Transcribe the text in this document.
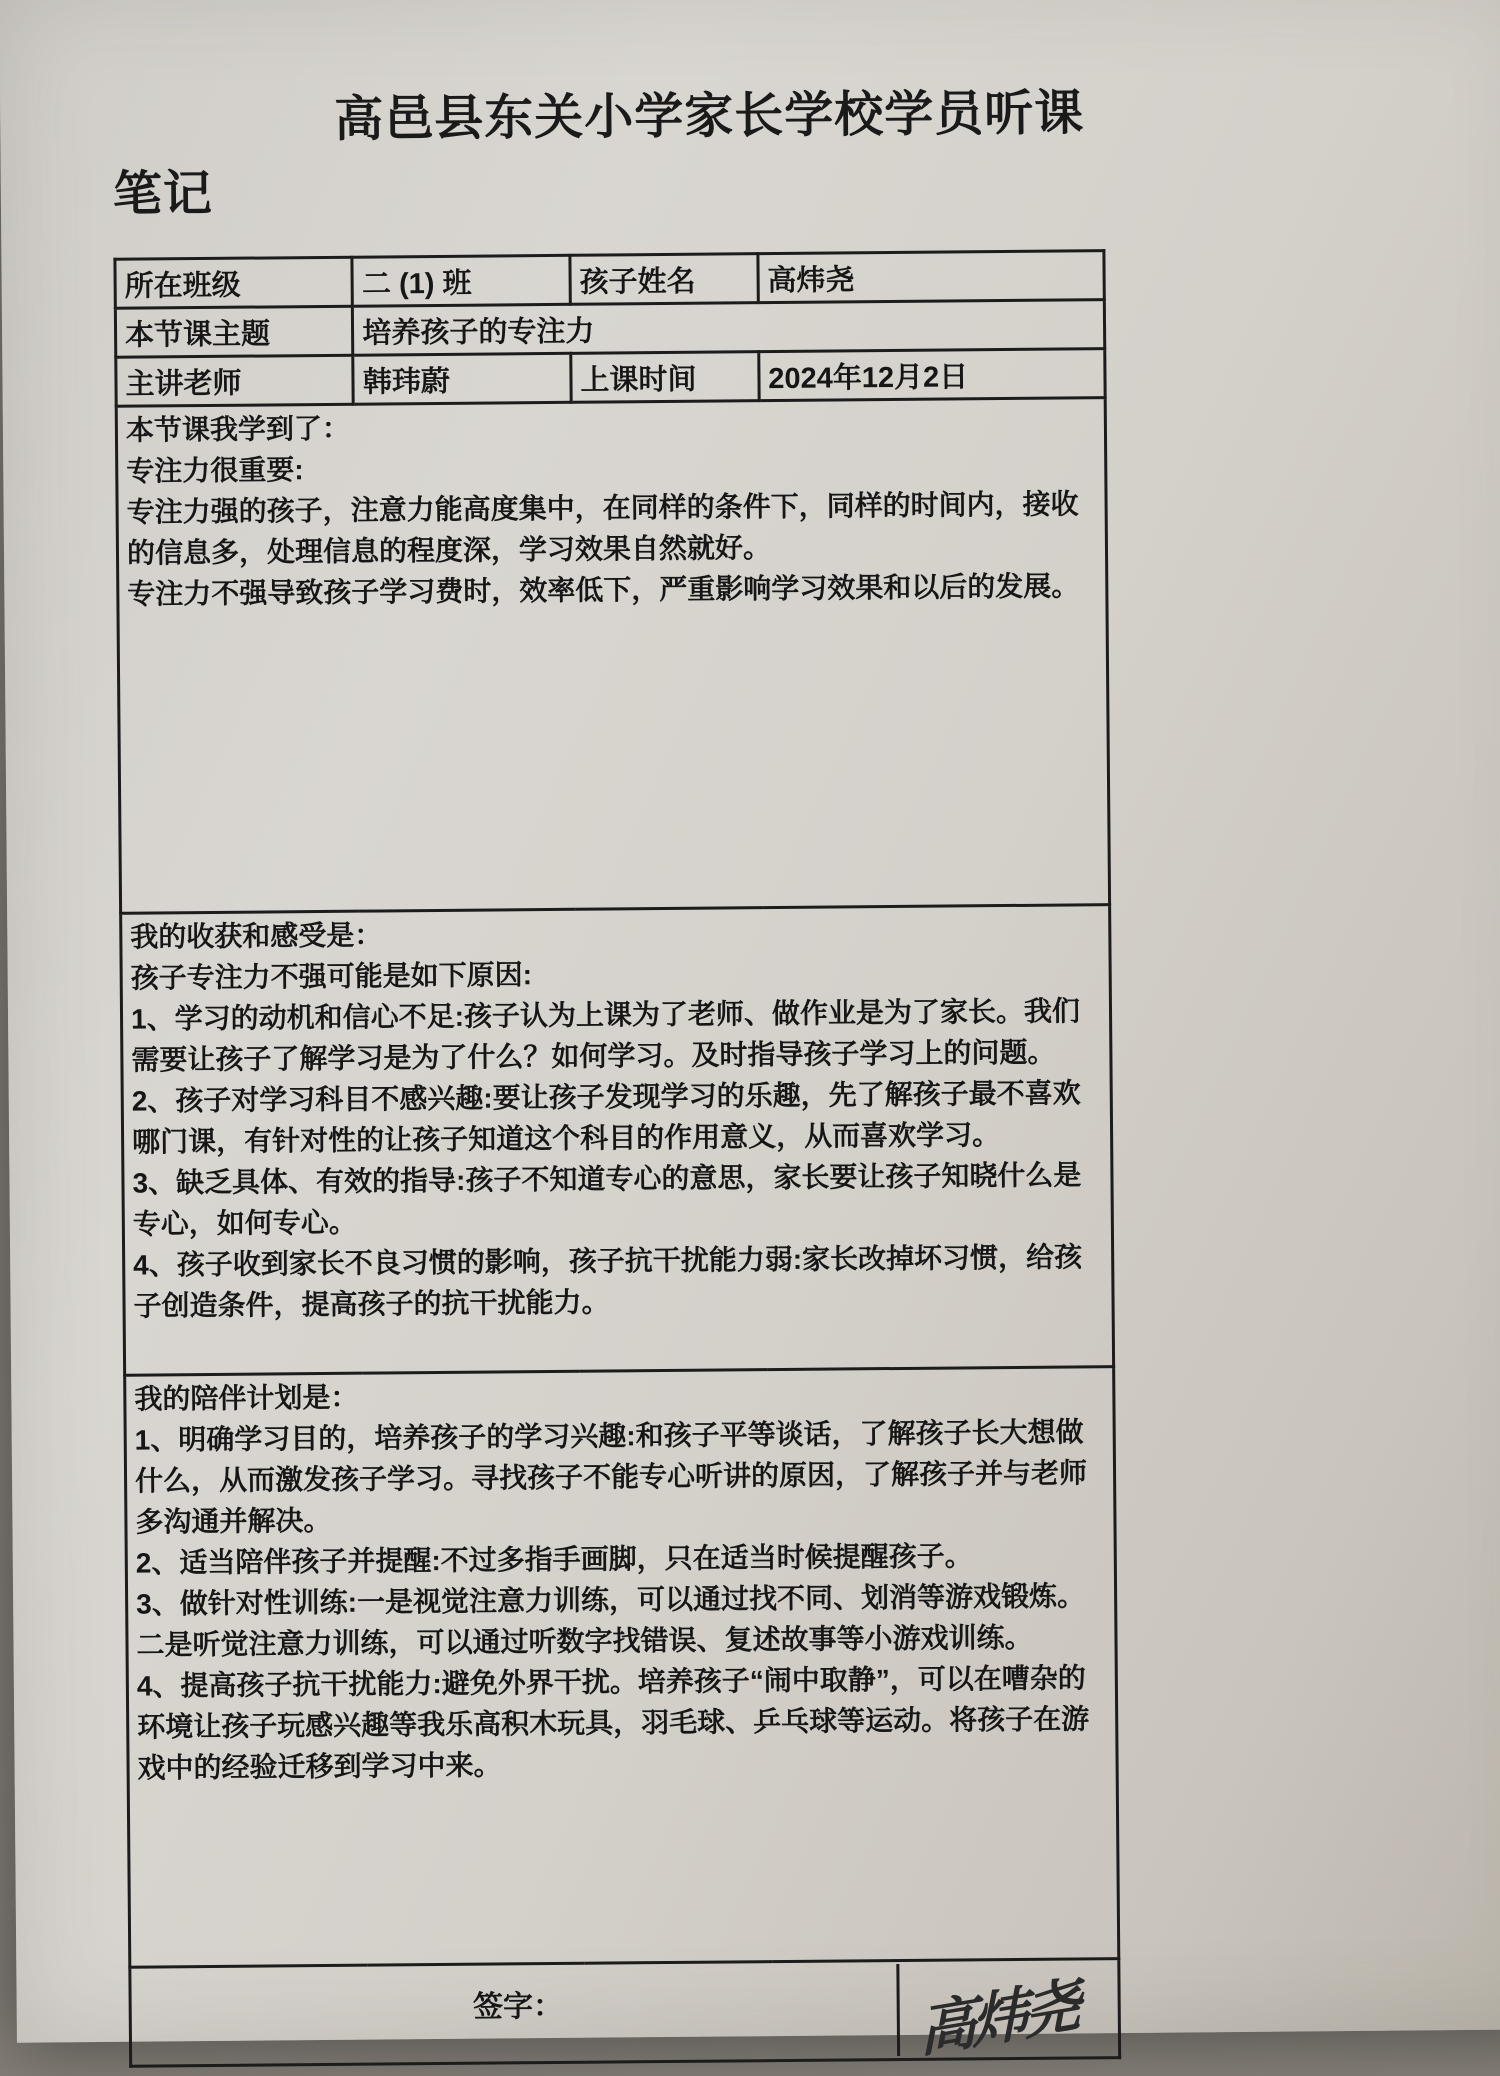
高邑县东关小学家长学校学员听课笔记
所在班级	二 (1) 班	孩子姓名	高炜尧
本节课主题	培养孩子的专注力		
主讲老师	韩玮蔚	上课时间	2024年12月2日

本节课我学到了：
专注力很重要:
专注力强的孩子，注意力能高度集中，在同样的条件下，同样的时间内，接收的信息多，处理信息的程度深，学习效果自然就好。
专注力不强导致孩子学习费时，效率低下，严重影响学习效果和以后的发展。			

我的收获和感受是：
孩子专注力不强可能是如下原因:
1、学习的动机和信心不足:孩子认为上课为了老师、做作业是为了家长。我们需要让孩子了解学习是为了什么？如何学习。及时指导孩子学习上的问题。
2、孩子对学习科目不感兴趣:要让孩子发现学习的乐趣，先了解孩子最不喜欢哪门课，有针对性的让孩子知道这个科目的作用意义，从而喜欢学习。
3、缺乏具体、有效的指导:孩子不知道专心的意思，家长要让孩子知晓什么是专心，如何专心。
4、孩子收到家长不良习惯的影响，孩子抗干扰能力弱:家长改掉坏习惯，给孩子创造条件，提高孩子的抗干扰能力。

我的陪伴计划是：
1、明确学习目的，培养孩子的学习兴趣:和孩子平等谈话，了解孩子长大想做什么，从而激发孩子学习。寻找孩子不能专心听讲的原因，了解孩子并与老师多沟通并解决。
2、适当陪伴孩子并提醒:不过多指手画脚，只在适当时候提醒孩子。
3、做针对性训练:一是视觉注意力训练，可以通过找不同、划消等游戏锻炼。二是听觉注意力训练，可以通过听数字找错误、复述故事等小游戏训练。
4、提高孩子抗干扰能力:避免外界干扰。培养孩子“闹中取静”，可以在嘈杂的环境让孩子玩感兴趣等我乐高积木玩具，羽毛球、乒乓球等运动。将孩子在游戏中的经验迁移到学习中来。			

签字： 高炜尧			
